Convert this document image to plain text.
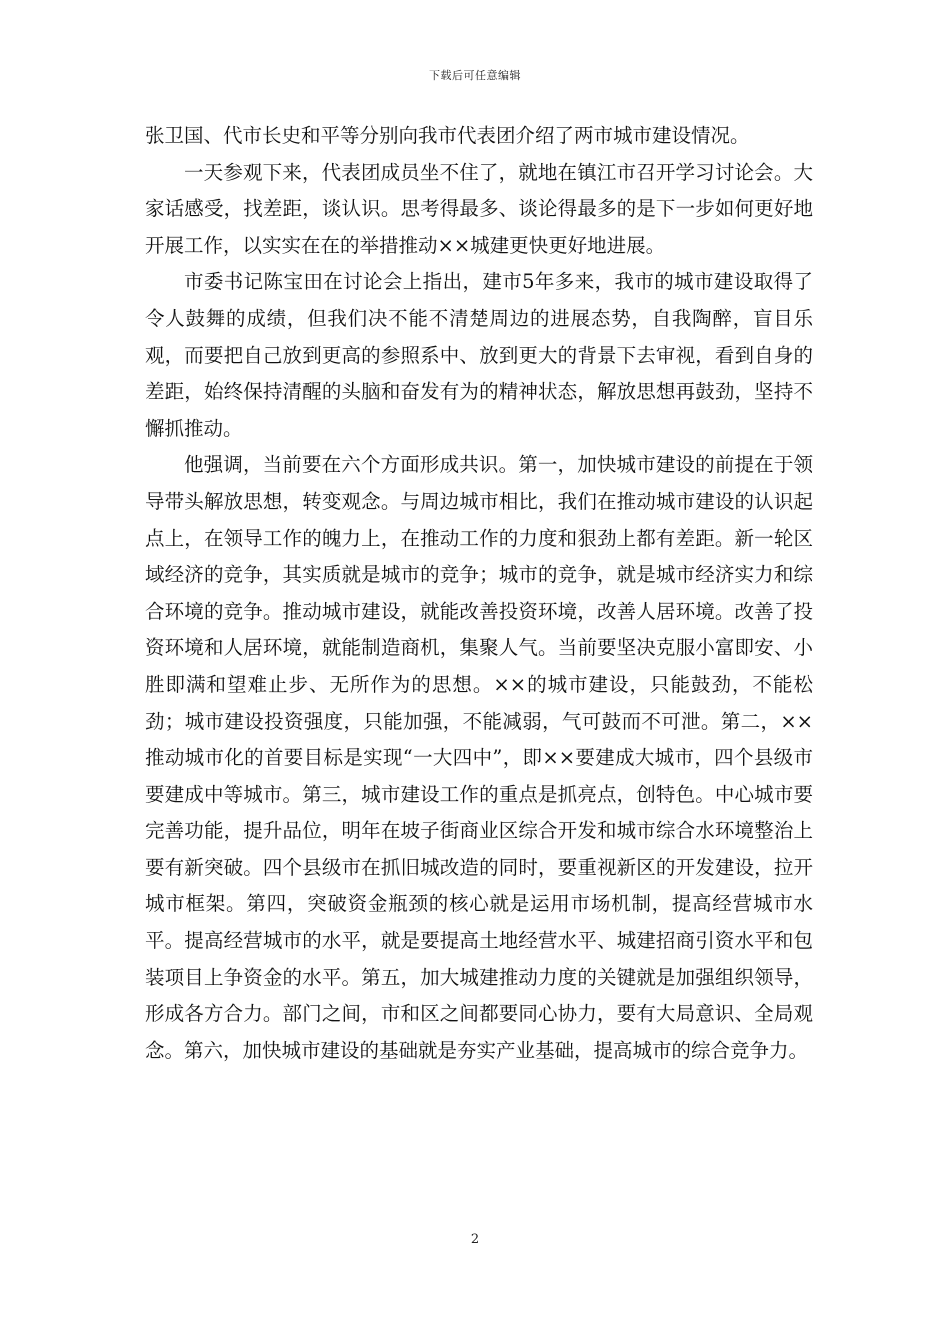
下载后可任意编辑

张卫国、代市长史和平等分别向我市代表团介绍了两市城市建设情况。

一天参观下来，代表团成员坐不住了，就地在镇江市召开学习讨论会。大家话感受，找差距，谈认识。思考得最多、谈论得最多的是下一步如何更好地开展工作，以实实在在的举措推动××城建更快更好地进展。

市委书记陈宝田在讨论会上指出，建市5年多来，我市的城市建设取得了令人鼓舞的成绩，但我们决不能不清楚周边的进展态势，自我陶醉，盲目乐观，而要把自己放到更高的参照系中、放到更大的背景下去审视，看到自身的差距，始终保持清醒的头脑和奋发有为的精神状态，解放思想再鼓劲，坚持不懈抓推动。

他强调，当前要在六个方面形成共识。第一，加快城市建设的前提在于领导带头解放思想，转变观念。与周边城市相比，我们在推动城市建设的认识起点上，在领导工作的魄力上，在推动工作的力度和狠劲上都有差距。新一轮区域经济的竞争，其实质就是城市的竞争；城市的竞争，就是城市经济实力和综合环境的竞争。推动城市建设，就能改善投资环境，改善人居环境。改善了投资环境和人居环境，就能制造商机，集聚人气。当前要坚决克服小富即安、小胜即满和望难止步、无所作为的思想。××的城市建设，只能鼓劲，不能松劲；城市建设投资强度，只能加强，不能减弱，气可鼓而不可泄。第二，××推动城市化的首要目标是实现“一大四中”，即××要建成大城市，四个县级市要建成中等城市。第三，城市建设工作的重点是抓亮点，创特色。中心城市要完善功能，提升品位，明年在坡子街商业区综合开发和城市综合水环境整治上要有新突破。四个县级市在抓旧城改造的同时，要重视新区的开发建设，拉开城市框架。第四，突破资金瓶颈的核心就是运用市场机制，提高经营城市水平。提高经营城市的水平，就是要提高土地经营水平、城建招商引资水平和包装项目上争资金的水平。第五，加大城建推动力度的关键就是加强组织领导，形成各方合力。部门之间，市和区之间都要同心协力，要有大局意识、全局观念。第六，加快城市建设的基础就是夯实产业基础，提高城市的综合竞争力。

2
